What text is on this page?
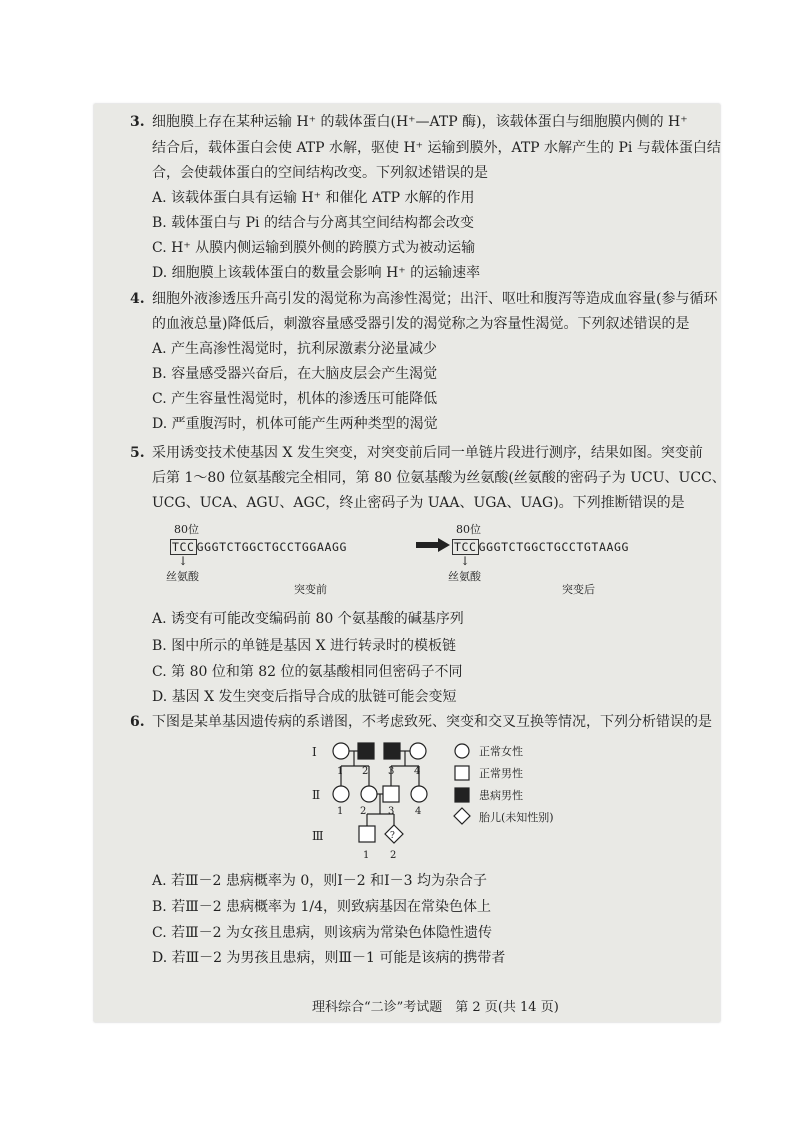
3. 细胞膜上存在某种运输 H⁺ 的载体蛋白(H⁺—ATP 酶)，该载体蛋白与细胞膜内侧的 H⁺
结合后，载体蛋白会使 ATP 水解，驱使 H⁺ 运输到膜外，ATP 水解产生的 Pi 与载体蛋白结
合，会使载体蛋白的空间结构改变。下列叙述错误的是
A. 该载体蛋白具有运输 H⁺ 和催化 ATP 水解的作用
B. 载体蛋白与 Pi 的结合与分离其空间结构都会改变
C. H⁺ 从膜内侧运输到膜外侧的跨膜方式为被动运输
D. 细胞膜上该载体蛋白的数量会影响 H⁺ 的运输速率
4. 细胞外液渗透压升高引发的渴觉称为高渗性渴觉；出汗、呕吐和腹泻等造成血容量(参与循环
的血液总量)降低后，刺激容量感受器引发的渴觉称之为容量性渴觉。下列叙述错误的是
A. 产生高渗性渴觉时，抗利尿激素分泌量减少
B. 容量感受器兴奋后，在大脑皮层会产生渴觉
C. 产生容量性渴觉时，机体的渗透压可能降低
D. 严重腹泻时，机体可能产生两种类型的渴觉
5. 采用诱变技术使基因 X 发生突变，对突变前后同一单链片段进行测序，结果如图。突变前
后第 1～80 位氨基酸完全相同，第 80 位氨基酸为丝氨酸(丝氨酸的密码子为 UCU、UCC、
UCG、UCA、AGU、AGC，终止密码子为 UAA、UGA、UAG)。下列推断错误的是
80位
TCC GGGTCTGGCTGCCTGGAAGG
↓
丝氨酸
突变前
80位
TCC GGGTCTGGCTGCCTGTAAGG
↓
丝氨酸
突变后
A. 诱变有可能改变编码前 80 个氨基酸的碱基序列
B. 图中所示的单链是基因 X 进行转录时的模板链
C. 第 80 位和第 82 位的氨基酸相同但密码子不同
D. 基因 X 发生突变后指导合成的肽链可能会变短
6. 下图是某单基因遗传病的系谱图，不考虑致死、突变和交叉互换等情况，下列分析错误的是
Ⅰ
Ⅱ
Ⅲ
1 2 3 4
1 2 3 4
1 2
?
正常女性
正常男性
患病男性
胎儿(未知性别)
A. 若Ⅲ－2 患病概率为 0，则Ⅰ－2 和Ⅰ－3 均为杂合子
B. 若Ⅲ－2 患病概率为 1/4，则致病基因在常染色体上
C. 若Ⅲ－2 为女孩且患病，则该病为常染色体隐性遗传
D. 若Ⅲ－2 为男孩且患病，则Ⅲ－1 可能是该病的携带者
理科综合“二诊”考试题　第 2 页(共 14 页)
